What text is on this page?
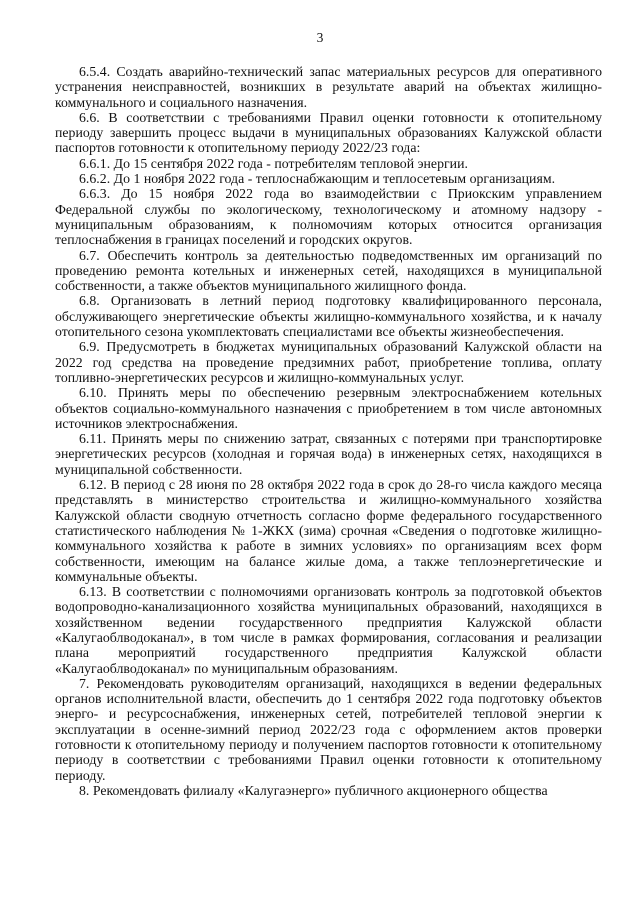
3

6.5.4. Создать аварийно-технический запас материальных ресурсов для оперативного устранения неисправностей, возникших в результате аварий на объектах жилищно-коммунального и социального назначения.

6.6. В соответствии с требованиями Правил оценки готовности к отопительному периоду завершить процесс выдачи в муниципальных образованиях Калужской области паспортов готовности к отопительному периоду 2022/23 года:

6.6.1. До 15 сентября 2022 года - потребителям тепловой энергии.

6.6.2. До 1 ноября 2022 года - теплоснабжающим и теплосетевым организациям.

6.6.3. До 15 ноября 2022 года во взаимодействии с Приокским управлением Федеральной службы по экологическому, технологическому и атомному надзору - муниципальным образованиям, к полномочиям которых относится организация теплоснабжения в границах поселений и городских округов.

6.7. Обеспечить контроль за деятельностью подведомственных им организаций по проведению ремонта котельных и инженерных сетей, находящихся в муниципальной собственности, а также объектов муниципального жилищного фонда.

6.8. Организовать в летний период подготовку квалифицированного персонала, обслуживающего энергетические объекты жилищно-коммунального хозяйства, и к началу отопительного сезона укомплектовать специалистами все объекты жизнеобеспечения.

6.9. Предусмотреть в бюджетах муниципальных образований Калужской области на 2022 год средства на проведение предзимних работ, приобретение топлива, оплату топливно-энергетических ресурсов и жилищно-коммунальных услуг.

6.10. Принять меры по обеспечению резервным электроснабжением котельных объектов социально-коммунального назначения с приобретением в том числе автономных источников электроснабжения.

6.11. Принять меры по снижению затрат, связанных с потерями при транспортировке энергетических ресурсов (холодная и горячая вода) в инженерных сетях, находящихся в муниципальной собственности.

6.12. В период с 28 июня по 28 октября 2022 года в срок до 28-го числа каждого месяца представлять в министерство строительства и жилищно-коммунального хозяйства Калужской области сводную отчетность согласно форме федерального государственного статистического наблюдения № 1-ЖКХ (зима) срочная «Сведения о подготовке жилищно-коммунального хозяйства к работе в зимних условиях» по организациям всех форм собственности, имеющим на балансе жилые дома, а также теплоэнергетические и коммунальные объекты.

6.13. В соответствии с полномочиями организовать контроль за подготовкой объектов водопроводно-канализационного хозяйства муниципальных образований, находящихся в хозяйственном ведении государственного предприятия Калужской области «Калугаоблводоканал», в том числе в рамках формирования, согласования и реализации плана мероприятий государственного предприятия Калужской области «Калугаоблводоканал» по муниципальным образованиям.

7. Рекомендовать руководителям организаций, находящихся в ведении федеральных органов исполнительной власти, обеспечить до 1 сентября 2022 года подготовку объектов энерго- и ресурсоснабжения, инженерных сетей, потребителей тепловой энергии к эксплуатации в осенне-зимний период 2022/23 года с оформлением актов проверки готовности к отопительному периоду и получением паспортов готовности к отопительному периоду в соответствии с требованиями Правил оценки готовности к отопительному периоду.

8. Рекомендовать филиалу «Калугаэнерго» публичного акционерного общества
